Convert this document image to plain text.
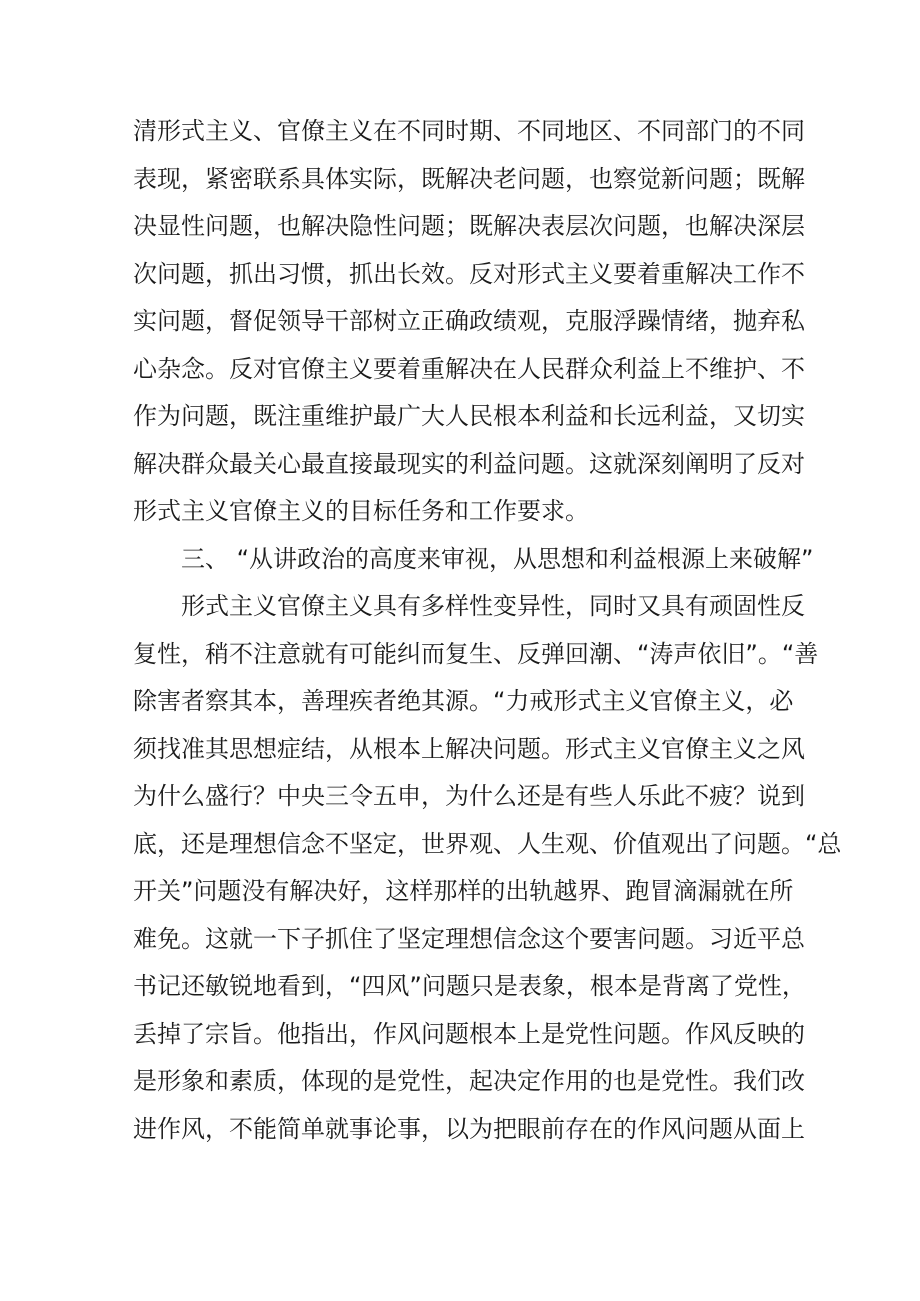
清形式主义、官僚主义在不同时期、不同地区、不同部门的不同
表现，紧密联系具体实际，既解决老问题，也察觉新问题；既解
决显性问题，也解决隐性问题；既解决表层次问题，也解决深层
次问题，抓出习惯，抓出长效。反对形式主义要着重解决工作不
实问题，督促领导干部树立正确政绩观，克服浮躁情绪，抛弃私
心杂念。反对官僚主义要着重解决在人民群众利益上不维护、不
作为问题，既注重维护最广大人民根本利益和长远利益，又切实
解决群众最关心最直接最现实的利益问题。这就深刻阐明了反对
形式主义官僚主义的目标任务和工作要求。
三、 “从讲政治的高度来审视，从思想和利益根源上来破解”
形式主义官僚主义具有多样性变异性，同时又具有顽固性反
复性，稍不注意就有可能纠而复生、反弹回潮、“涛声依旧”。“善
除害者察其本，善理疾者绝其源。“力戒形式主义官僚主义，必
须找准其思想症结，从根本上解决问题。形式主义官僚主义之风
为什么盛行？中央三令五申，为什么还是有些人乐此不疲？说到
底，还是理想信念不坚定，世界观、人生观、价值观出了问题。“总
开关”问题没有解决好，这样那样的出轨越界、跑冒滴漏就在所
难免。这就一下子抓住了坚定理想信念这个要害问题。习近平总
书记还敏锐地看到，“四风”问题只是表象，根本是背离了党性，
丢掉了宗旨。他指出，作风问题根本上是党性问题。作风反映的
是形象和素质，体现的是党性，起决定作用的也是党性。我们改
进作风，不能简单就事论事，以为把眼前存在的作风问题从面上
